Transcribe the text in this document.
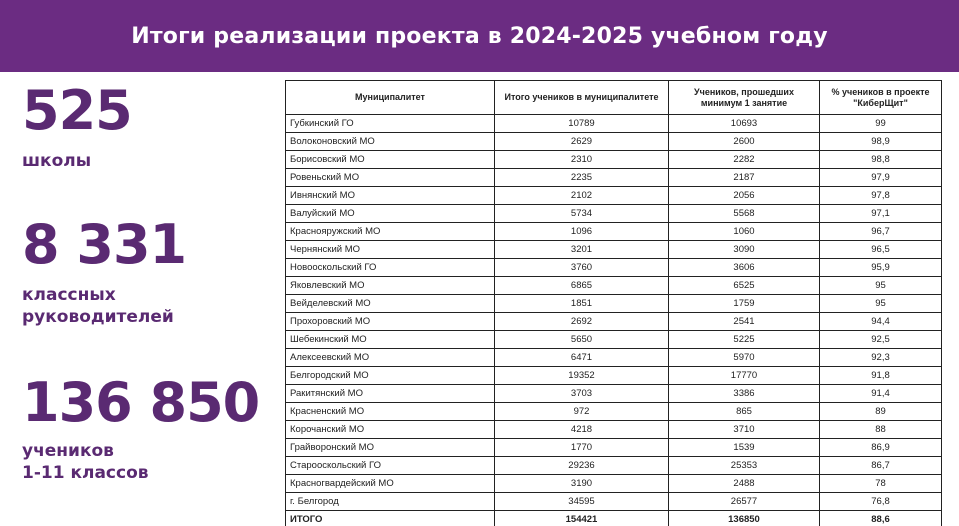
Итоги реализации проекта в 2024-2025 учебном году
525
школы
8 331
классных
руководителей
136 850
учеников
1-11 классов
Муниципалитет	Итого учеников в муниципалитете	Учеников, прошедших минимум 1 занятие	% учеников в проекте "КиберЩит"
Губкинский ГО	10789	10693	99
Волоконовский МО	2629	2600	98,9
Борисовский МО	2310	2282	98,8
Ровеньский МО	2235	2187	97,9
Ивнянский МО	2102	2056	97,8
Валуйский МО	5734	5568	97,1
Краснояружский МО	1096	1060	96,7
Чернянский МО	3201	3090	96,5
Новооскольский ГО	3760	3606	95,9
Яковлевский МО	6865	6525	95
Вейделевский МО	1851	1759	95
Прохоровский МО	2692	2541	94,4
Шебекинский МО	5650	5225	92,5
Алексеевский МО	6471	5970	92,3
Белгородский МО	19352	17770	91,8
Ракитянский МО	3703	3386	91,4
Красненский МО	972	865	89
Корочанский МО	4218	3710	88
Грайворонский МО	1770	1539	86,9
Старооскольский ГО	29236	25353	86,7
Красногвардейский МО	3190	2488	78
г. Белгород	34595	26577	76,8
ИТОГО	154421	136850	88,6
